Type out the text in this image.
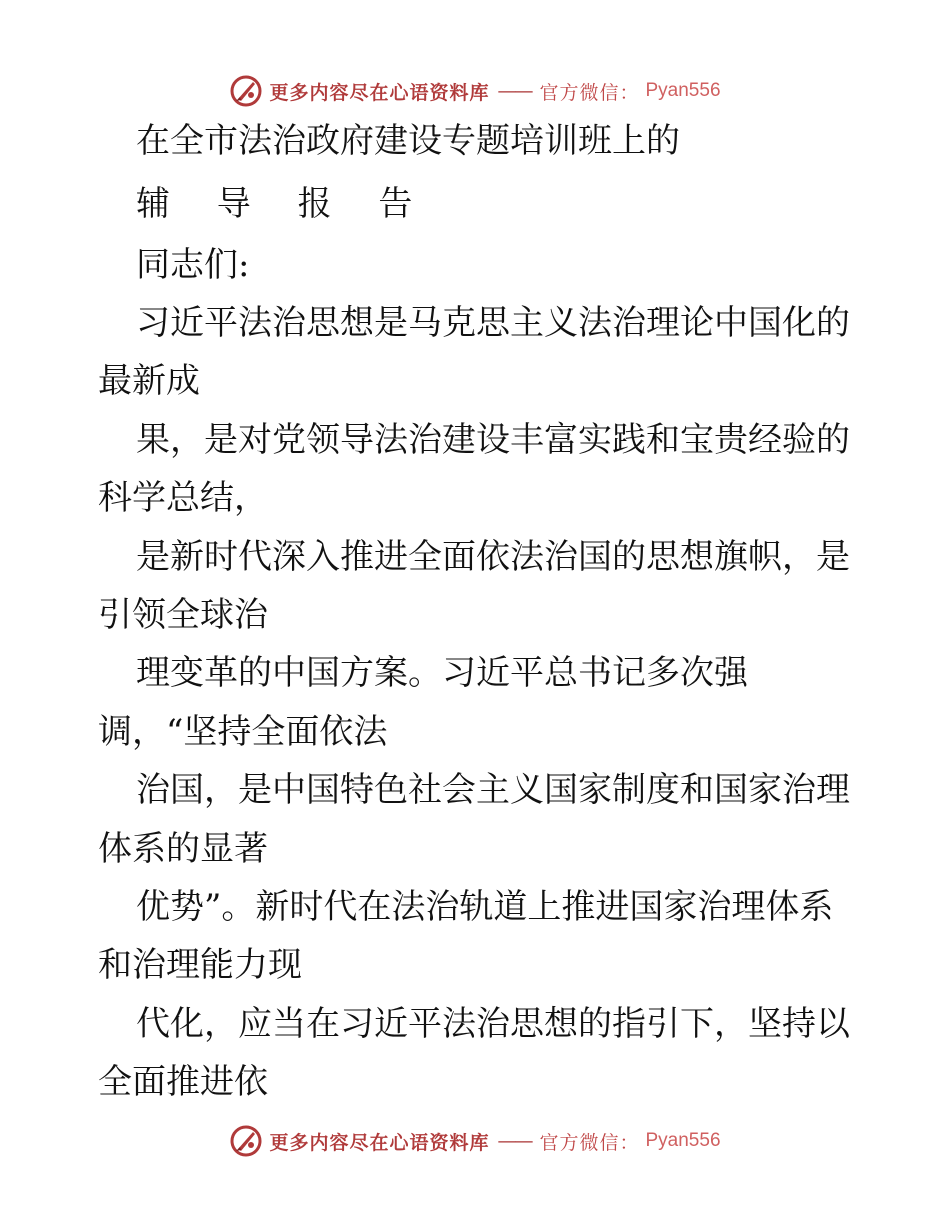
更多内容尽在心语资料库 —— 官方微信： Pyan556
在全市法治政府建设专题培训班上的
辅 导 报 告
同志们:
习近平法治思想是马克思主义法治理论中国化的
最新成
果，是对党领导法治建设丰富实践和宝贵经验的
科学总结，
是新时代深入推进全面依法治国的思想旗帜，是
引领全球治
理变革的中国方案。习近平总书记多次强
调，“坚持全面依法
治国，是中国特色社会主义国家制度和国家治理
体系的显著
优势”。新时代在法治轨道上推进国家治理体系
和治理能力现
代化，应当在习近平法治思想的指引下，坚持以
全面推进依
更多内容尽在心语资料库 —— 官方微信： Pyan556
